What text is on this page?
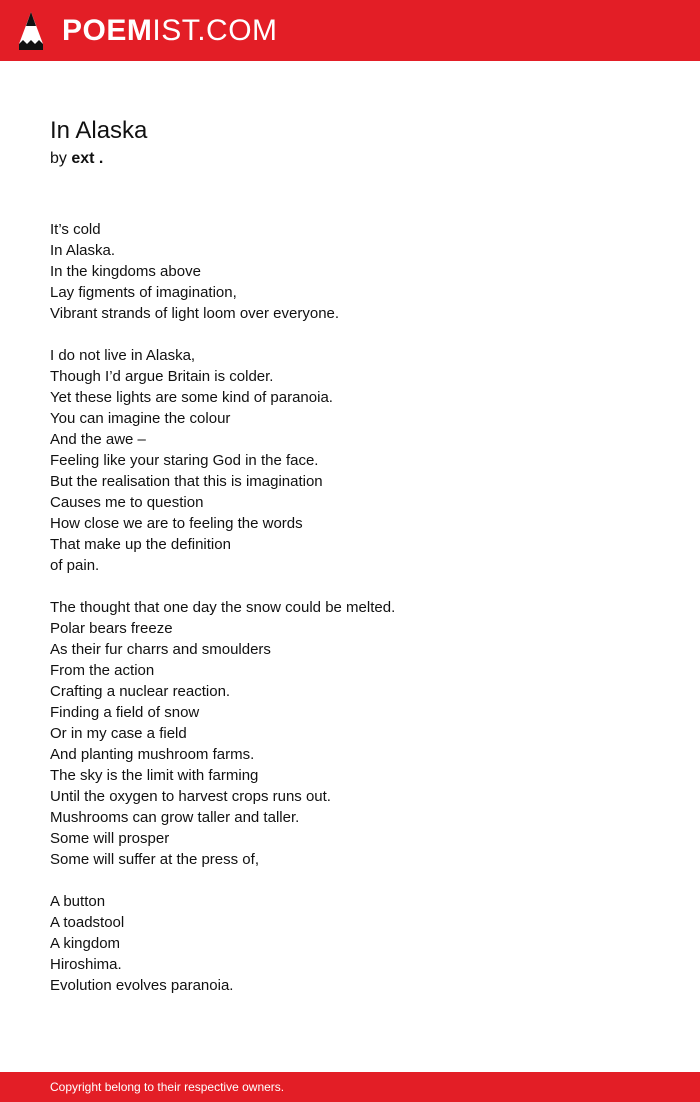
POEMIST.COM
In Alaska
by ext .
It’s cold
In Alaska.
In the kingdoms above
Lay figments of imagination,
Vibrant strands of light loom over everyone.
I do not live in Alaska,
Though I’d argue Britain is colder.
Yet these lights are some kind of paranoia.
You can imagine the colour
And the awe –
Feeling like your staring God in the face.
But the realisation that this is imagination
Causes me to question
How close we are to feeling the words
That make up the definition
of pain.
The thought that one day the snow could be melted.
Polar bears freeze
As their fur charrs and smoulders
From the action
Crafting a nuclear reaction.
Finding a field of snow
Or in my case a field
And planting mushroom farms.
The sky is the limit with farming
Until the oxygen to harvest crops runs out.
Mushrooms can grow taller and taller.
Some will prosper
Some will suffer at the press of,
A button
A toadstool
A kingdom
Hiroshima.
Evolution evolves paranoia.
Copyright belong to their respective owners.
